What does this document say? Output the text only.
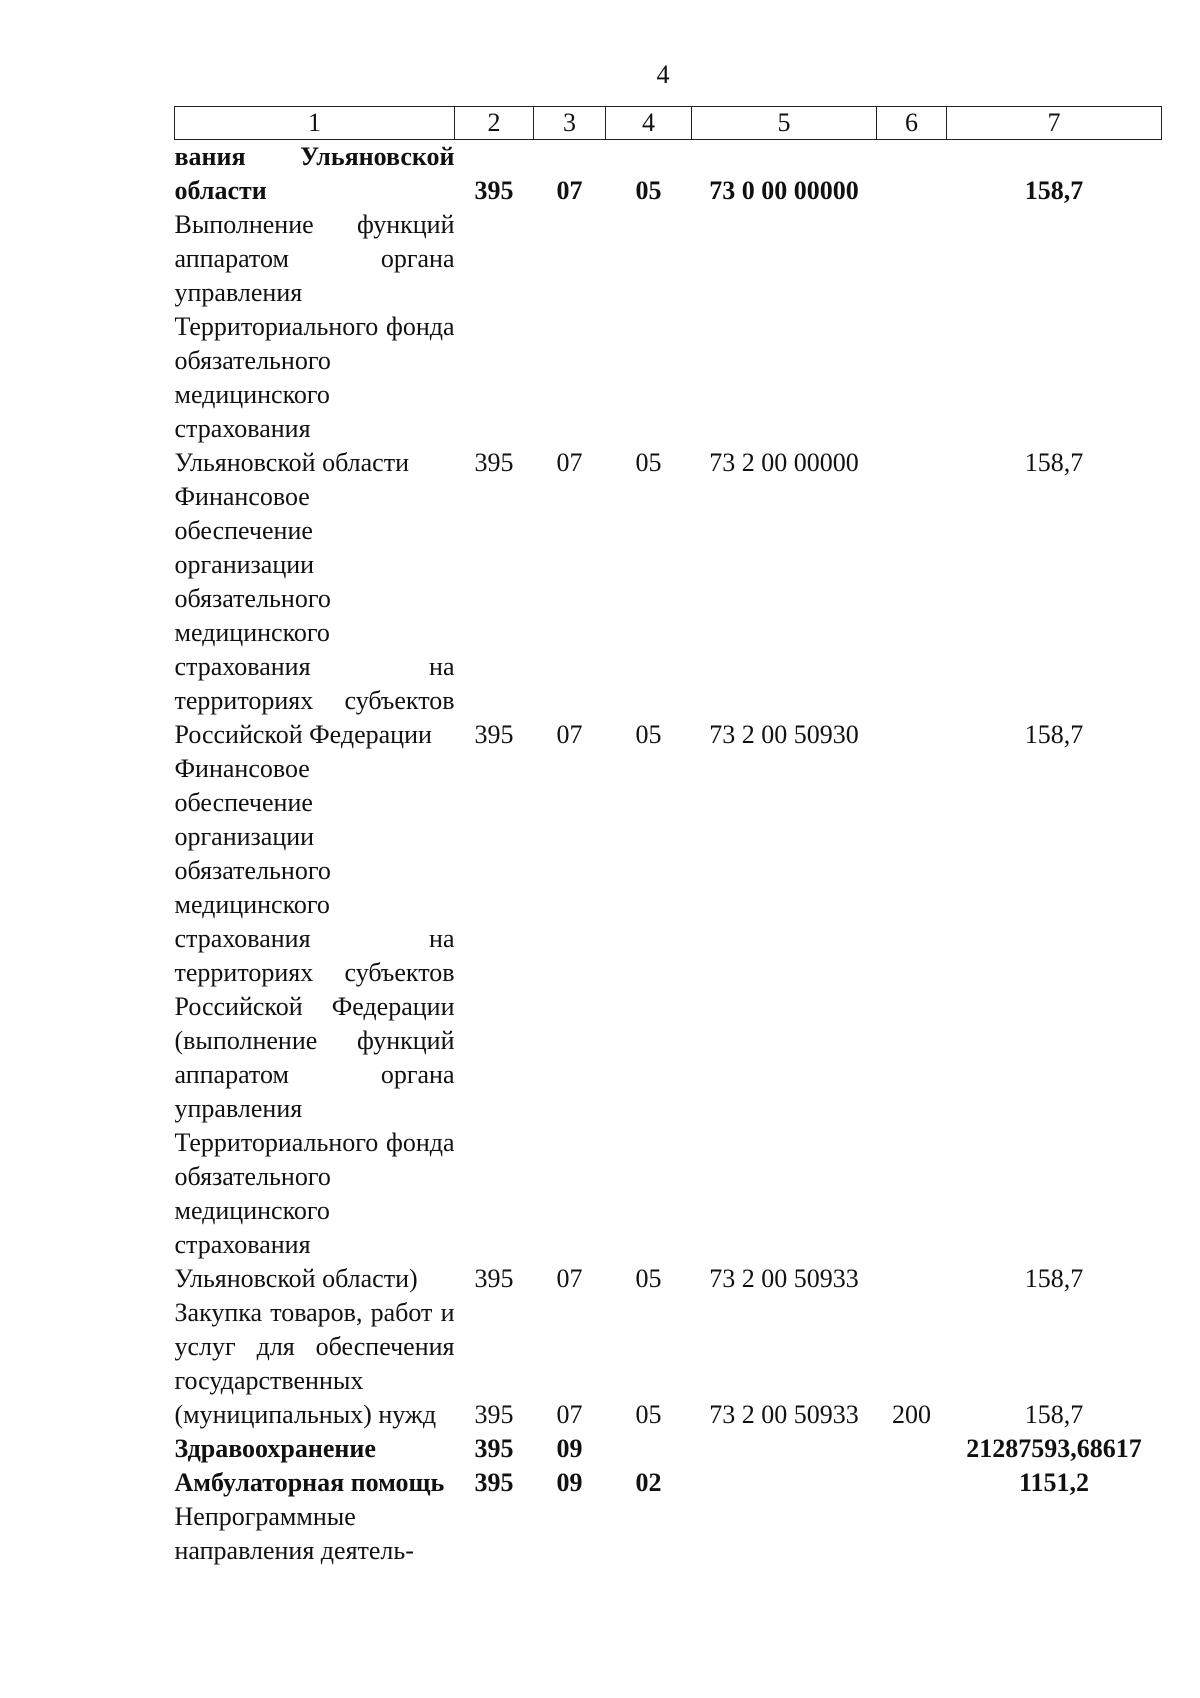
4
1	2	3	4	5	6	7
вания Ульяновской области	395	07	05	73 0 00 00000		158,7
Выполнение функций аппаратом органа управления Территориального фонда обязательного медицинского страхования Ульяновской области	395	07	05	73 2 00 00000		158,7
Финансовое обеспечение организации обязательного медицинского страхования на территориях субъектов Российской Федерации	395	07	05	73 2 00 50930		158,7
Финансовое обеспечение организации обязательного медицинского страхования на территориях субъектов Российской Федерации (выполнение функций аппаратом органа управления Территориального фонда обязательного медицинского страхования Ульяновской области)	395	07	05	73 2 00 50933		158,7
Закупка товаров, работ и услуг для обеспечения государственных (муниципальных) нужд	395	07	05	73 2 00 50933	200	158,7
Здравоохранение	395	09				21287593,68617
Амбулаторная помощь	395	09	02			1151,2
Непрограммные направления деятель-						
